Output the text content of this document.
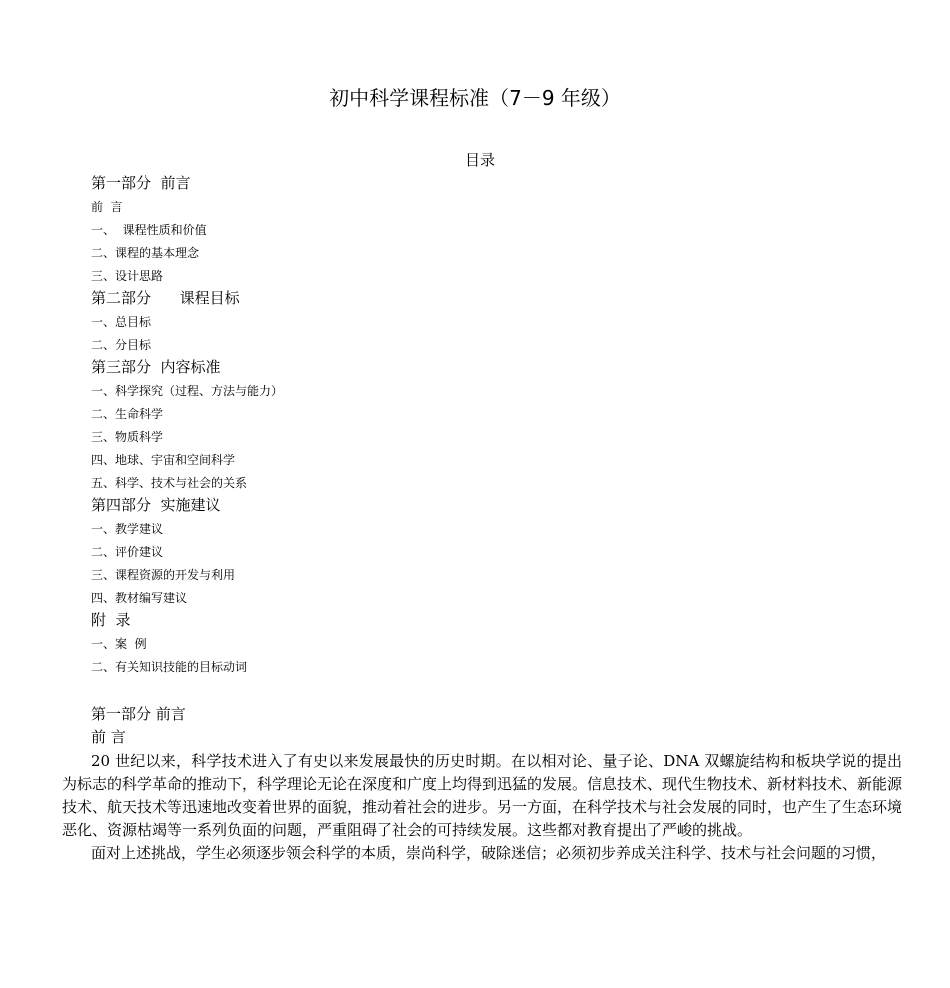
初中科学课程标准（7－9 年级）
目录
第一部分  前言
前  言
一、  课程性质和价值
二、课程的基本理念
三、设计思路
第二部分      课程目标
一、总目标
二、分目标
第三部分  内容标准
一、科学探究（过程、方法与能力）
二、生命科学
三、物质科学
四、地球、宇宙和空间科学
五、科学、技术与社会的关系
第四部分  实施建议
一、教学建议
二、评价建议
三、课程资源的开发与利用
四、教材编写建议
附  录
一、案  例
二、有关知识技能的目标动词
第一部分 前言
前 言

20 世纪以来，科学技术进入了有史以来发展最快的历史时期。在以相对论、量子论、DNA 双螺旋结构和板块学说的提出为标志的科学革命的推动下，科学理论无论在深度和广度上均得到迅猛的发展。信息技术、现代生物技术、新材料技术、新能源技术、航天技术等迅速地改变着世界的面貌，推动着社会的进步。另一方面，在科学技术与社会发展的同时，也产生了生态环境恶化、资源枯竭等一系列负面的问题，严重阻碍了社会的可持续发展。这些都对教育提出了严峻的挑战。

面对上述挑战，学生必须逐步领会科学的本质，崇尚科学，破除迷信；必须初步养成关注科学、技术与社会问题的习惯，
